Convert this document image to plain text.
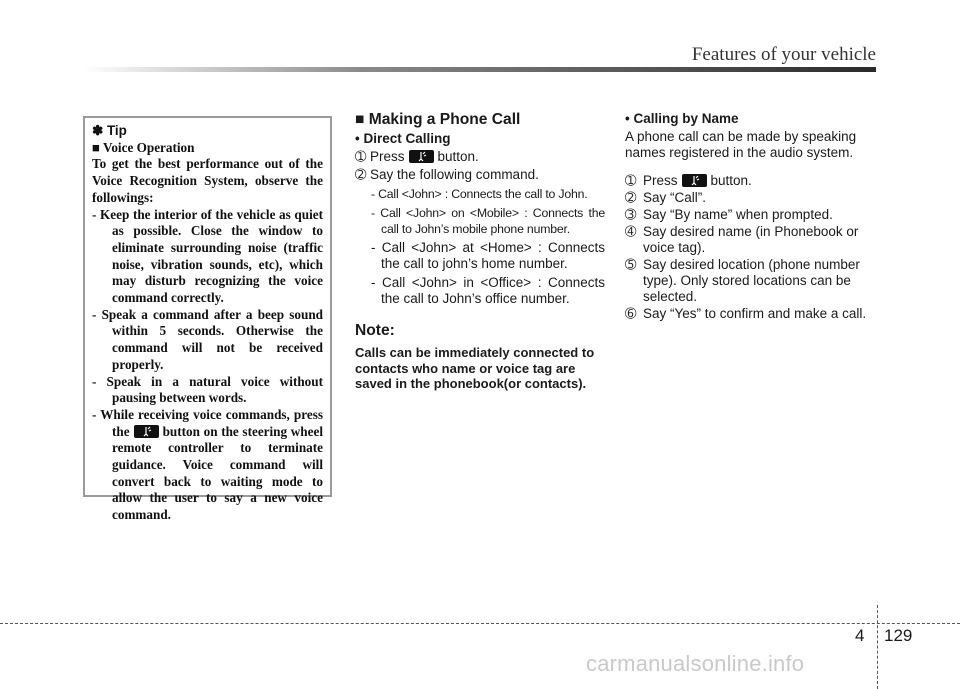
Features of your vehicle
✽ Tip
■ Voice Operation
To get the best performance out of the Voice Recognition System, observe the followings:
- Keep the interior of the vehicle as quiet as possible. Close the window to eliminate surrounding noise (traffic noise, vibration sounds, etc), which may disturb recognizing the voice command correctly.
- Speak a command after a beep sound within 5 seconds. Otherwise the command will not be received properly.
- Speak in a natural voice without pausing between words.
- While receiving voice commands, press the	button on the steering wheel remote controller to terminate guidance. Voice command will convert back to waiting mode to allow the user to say a new voice command.
■ Making a Phone Call
• Direct Calling
➀ Press button.
➁ Say the following command.
- Call <John> : Connects the call to John.
- Call <John> on <Mobile> : Connects the call to John’s mobile phone number.
- Call <John> at <Home> : Connects the call to john’s home number.
- Call <John> in <Office> : Connects the call to John’s office number.
Note:

Calls can be immediately connected to contacts who name or voice tag are saved in the phonebook(or contacts).

• Calling by Name

A phone call can be made by speaking names registered in the audio system.

➀ Press button.
➁ Say “Call”.
➂ Say “By name” when prompted.
➃ Say desired name (in Phonebook or voice tag).
➄ Say desired location (phone number type). Only stored locations can be selected.
➅ Say “Yes” to confirm and make a call.
4 129
carmanualsonline.info
